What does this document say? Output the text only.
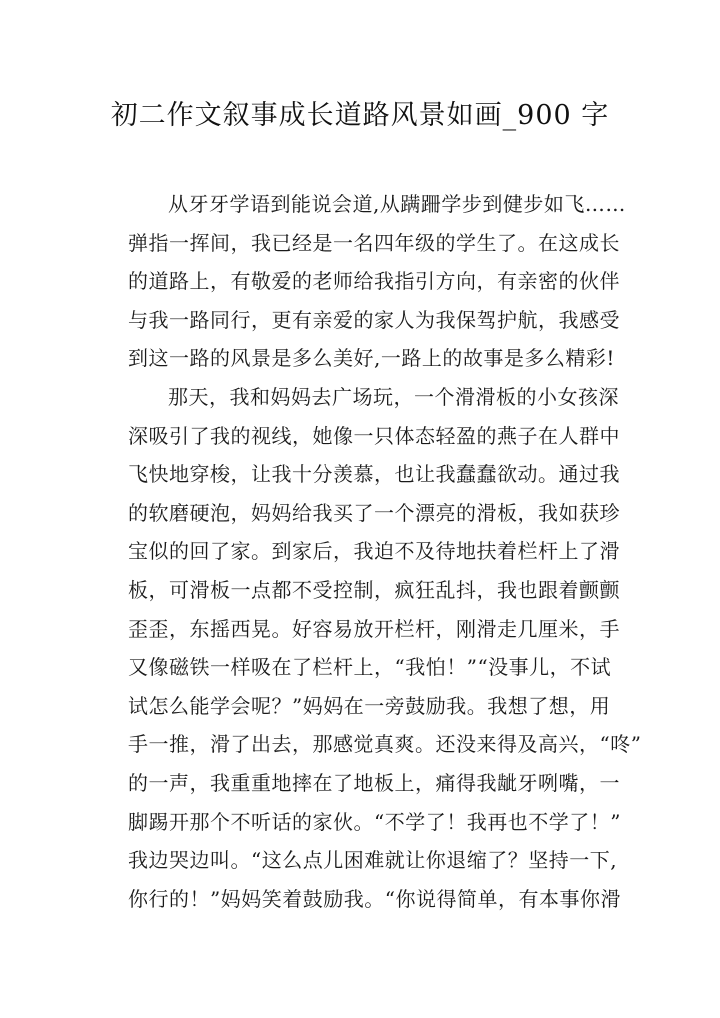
初二作文叙事成长道路风景如画_900 字
从牙牙学语到能说会道,从蹒跚学步到健步如飞……
弹指一挥间，我已经是一名四年级的学生了。在这成长
的道路上，有敬爱的老师给我指引方向，有亲密的伙伴
与我一路同行，更有亲爱的家人为我保驾护航，我感受
到这一路的风景是多么美好,一路上的故事是多么精彩!
那天，我和妈妈去广场玩，一个滑滑板的小女孩深
深吸引了我的视线，她像一只体态轻盈的燕子在人群中
飞快地穿梭，让我十分羡慕，也让我蠢蠢欲动。通过我
的软磨硬泡，妈妈给我买了一个漂亮的滑板，我如获珍
宝似的回了家。到家后，我迫不及待地扶着栏杆上了滑
板，可滑板一点都不受控制，疯狂乱抖，我也跟着颤颤
歪歪，东摇西晃。好容易放开栏杆，刚滑走几厘米，手
又像磁铁一样吸在了栏杆上，“我怕！”“没事儿，不试
试怎么能学会呢？”妈妈在一旁鼓励我。我想了想，用
手一推，滑了出去，那感觉真爽。还没来得及高兴，“咚”
的一声，我重重地摔在了地板上，痛得我龇牙咧嘴，一
脚踢开那个不听话的家伙。“不学了！我再也不学了！”
我边哭边叫。“这么点儿困难就让你退缩了？坚持一下,
你行的！”妈妈笑着鼓励我。“你说得简单，有本事你滑
